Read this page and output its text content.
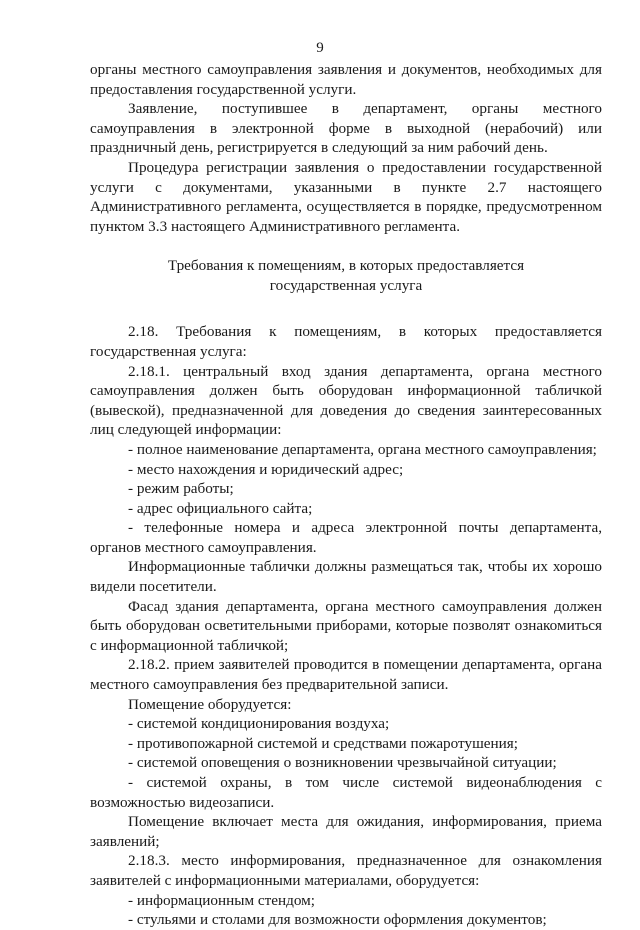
9

органы местного самоуправления заявления и документов, необходимых для предоставления государственной услуги.

Заявление, поступившее в департамент, органы местного самоуправления в электронной форме в выходной (нерабочий) или праздничный день, регистрируется в следующий за ним рабочий день.

Процедура регистрации заявления о предоставлении государственной услуги с документами, указанными в пункте 2.7 настоящего Административного регламента, осуществляется в порядке, предусмотренном пунктом 3.3 настоящего Административного регламента.

Требования к помещениям, в которых предоставляется
государственная услуга

2.18. Требования к помещениям, в которых предоставляется государственная услуга:

2.18.1. центральный вход здания департамента, органа местного самоуправления должен быть оборудован информационной табличкой (вывеской), предназначенной для доведения до сведения заинтересованных лиц следующей информации:

- полное наименование департамента, органа местного самоуправления;

- место нахождения и юридический адрес;

- режим работы;

- адрес официального сайта;

- телефонные номера и адреса электронной почты департамента, органов местного самоуправления.

Информационные таблички должны размещаться так, чтобы их хорошо видели посетители.

Фасад здания департамента, органа местного самоуправления должен быть оборудован осветительными приборами, которые позволят ознакомиться с информационной табличкой;

2.18.2. прием заявителей проводится в помещении департамента, органа местного самоуправления без предварительной записи.

Помещение оборудуется:

- системой кондиционирования воздуха;

- противопожарной системой и средствами пожаротушения;

- системой оповещения о возникновении чрезвычайной ситуации;

- системой охраны, в том числе системой видеонаблюдения с возможностью видеозаписи.

Помещение включает места для ожидания, информирования, приема заявлений;

2.18.3. место информирования, предназначенное для ознакомления заявителей с информационными материалами, оборудуется:

- информационным стендом;

- стульями и столами для возможности оформления документов;
